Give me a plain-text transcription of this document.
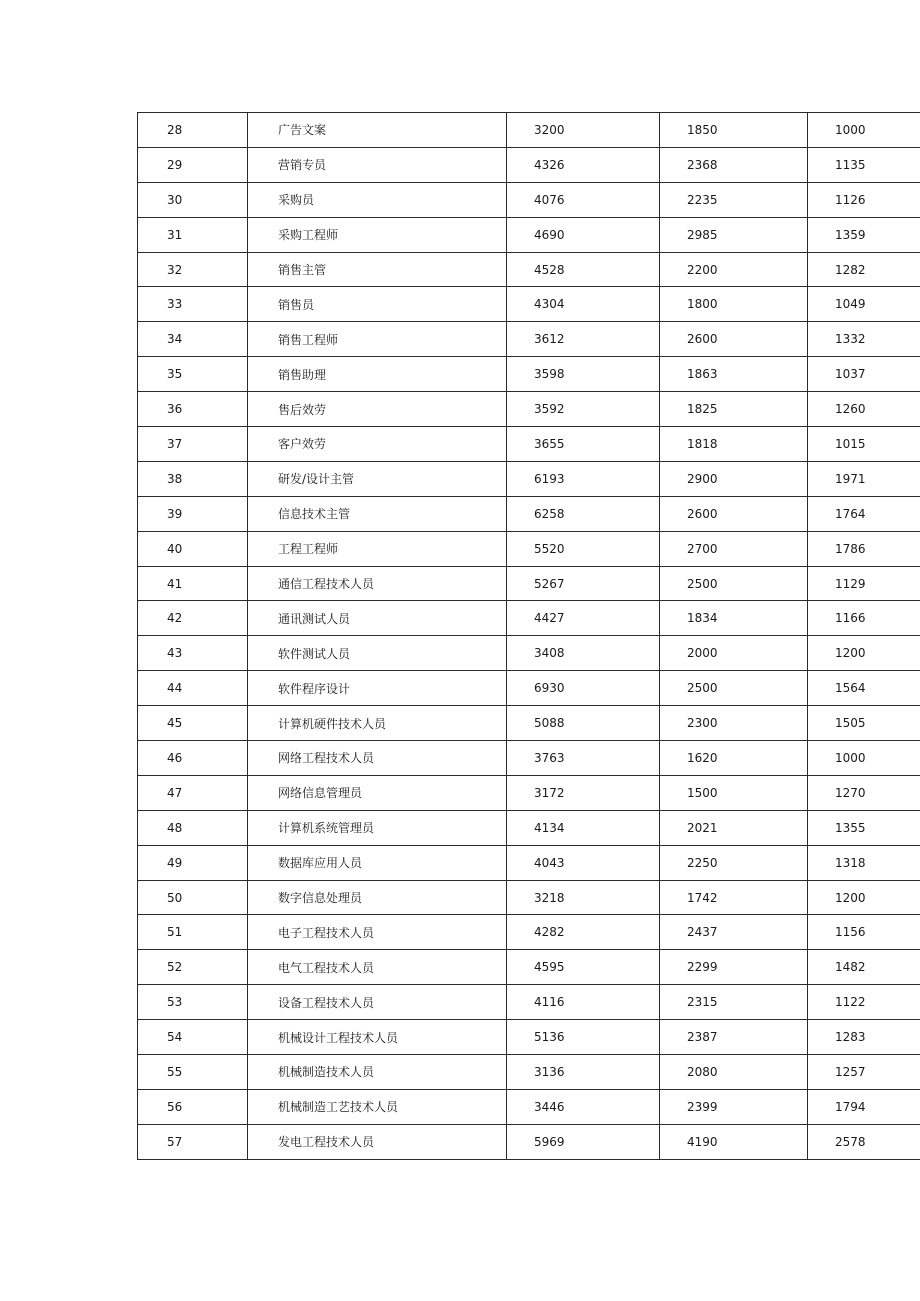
28	广告文案	3200	1850	1000
29	营销专员	4326	2368	1135
30	采购员	4076	2235	1126
31	采购工程师	4690	2985	1359
32	销售主管	4528	2200	1282
33	销售员	4304	1800	1049
34	销售工程师	3612	2600	1332
35	销售助理	3598	1863	1037
36	售后效劳	3592	1825	1260
37	客户效劳	3655	1818	1015
38	研发/设计主管	6193	2900	1971
39	信息技术主管	6258	2600	1764
40	工程工程师	5520	2700	1786
41	通信工程技术人员	5267	2500	1129
42	通讯测试人员	4427	1834	1166
43	软件测试人员	3408	2000	1200
44	软件程序设计	6930	2500	1564
45	计算机硬件技术人员	5088	2300	1505
46	网络工程技术人员	3763	1620	1000
47	网络信息管理员	3172	1500	1270
48	计算机系统管理员	4134	2021	1355
49	数据库应用人员	4043	2250	1318
50	数字信息处理员	3218	1742	1200
51	电子工程技术人员	4282	2437	1156
52	电气工程技术人员	4595	2299	1482
53	设备工程技术人员	4116	2315	1122
54	机械设计工程技术人员	5136	2387	1283
55	机械制造技术人员	3136	2080	1257
56	机械制造工艺技术人员	3446	2399	1794
57	发电工程技术人员	5969	4190	2578
